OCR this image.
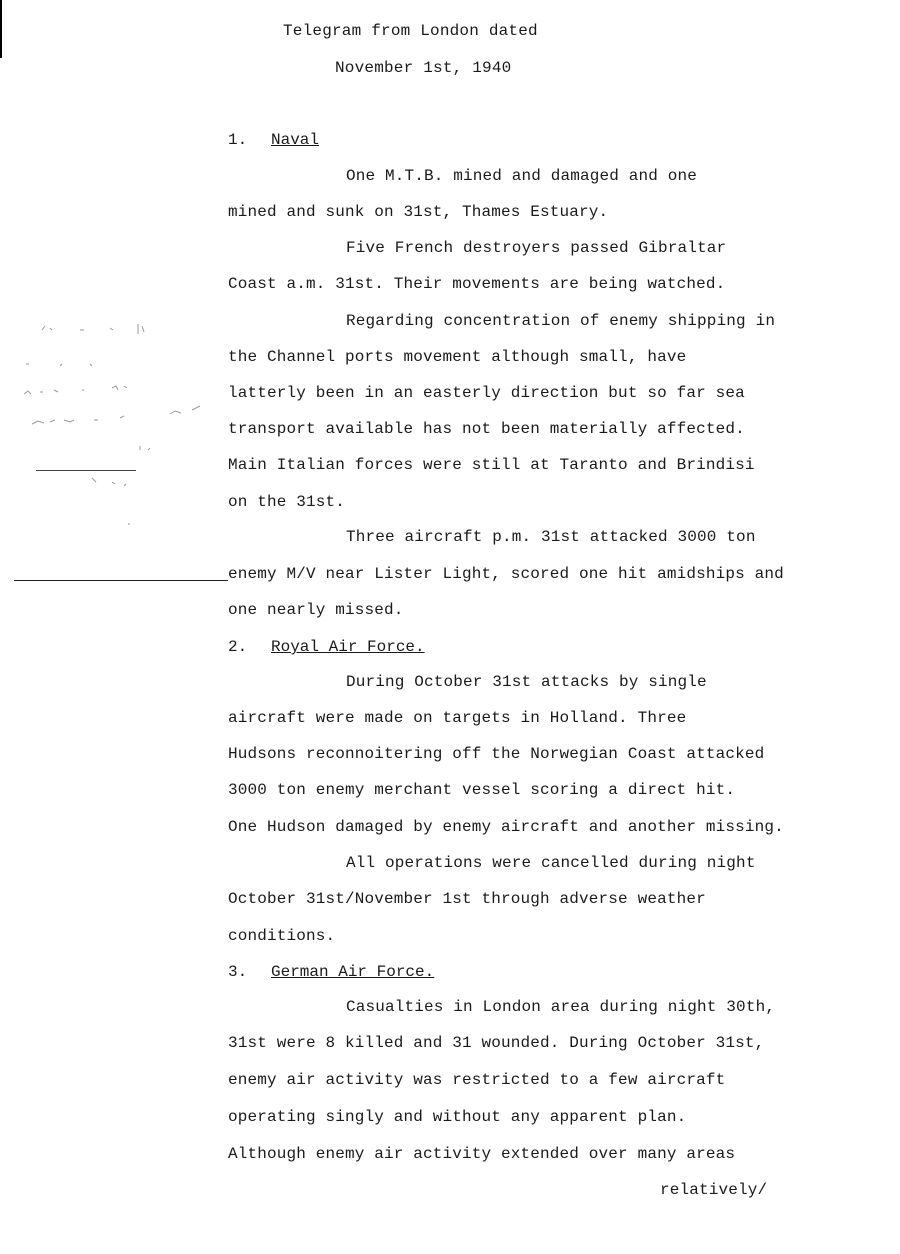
Telegram from London dated
November 1st, 1940
1. Naval
One M.T.B. mined and damaged and one
mined and sunk on 31st, Thames Estuary.
Five French destroyers passed Gibraltar
Coast a.m. 31st. Their movements are being watched.
Regarding concentration of enemy shipping in
the Channel ports movement although small, have
latterly been in an easterly direction but so far sea
transport available has not been materially affected.
Main Italian forces were still at Taranto and Brindisi
on the 31st.
Three aircraft p.m. 31st attacked 3000 ton
enemy M/V near Lister Light, scored one hit amidships and
one nearly missed.
2. Royal Air Force.
During October 31st attacks by single
aircraft were made on targets in Holland. Three
Hudsons reconnoitering off the Norwegian Coast attacked
3000 ton enemy merchant vessel scoring a direct hit.
One Hudson damaged by enemy aircraft and another missing.
All operations were cancelled during night
October 31st/November 1st through adverse weather
conditions.
3. German Air Force.
Casualties in London area during night 30th,
31st were 8 killed and 31 wounded. During October 31st,
enemy air activity was restricted to a few aircraft
operating singly and without any apparent plan.
Although enemy air activity extended over many areas
relatively/
